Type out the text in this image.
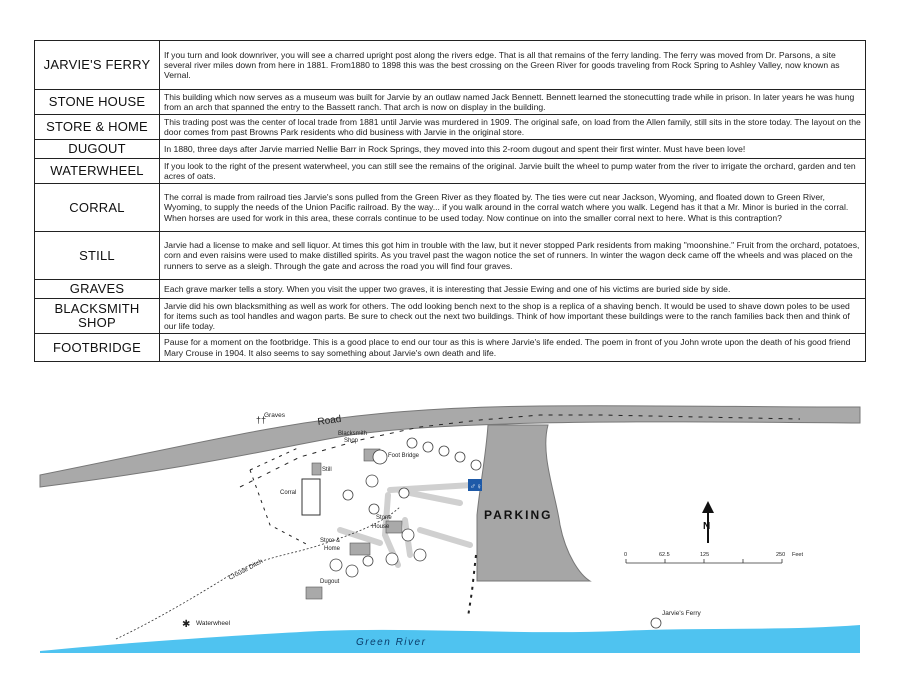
JARVIE'S FERRY	If you turn and look downriver, you will see a charred upright post along the rivers edge. That is all that remains of the ferry landing. The ferry was moved from Dr. Parsons, a site several river miles down from here in 1881. From1880 to 1898 this was the best crossing on the Green River for goods traveling from Rock Spring to Ashley Valley, now known as Vernal.
STONE HOUSE	This building which now serves as a museum was built for Jarvie by an outlaw named Jack Bennett. Bennett learned the stonecutting trade while in prison. In later years he was hung from an arch that spanned the entry to the Bassett ranch. That arch is now on display in the building.
STORE & HOME	This trading post was the center of local trade from 1881 until Jarvie was murdered in 1909. The original safe, on load from the Allen family, still sits in the store today. The layout on the door comes from past Browns Park residents who did business with Jarvie in the original store.
DUGOUT	In 1880, three days after Jarvie married Nellie Barr in Rock Springs, they moved into this 2-room dugout and spent their first winter. Must have been love!
WATERWHEEL	If you look to the right of the present waterwheel, you can still see the remains of the original. Jarvie built the wheel to pump water from the river to irrigate the orchard, garden and ten acres of oats.
CORRAL	The corral is made from railroad ties Jarvie's sons pulled from the Green River as they floated by. The ties were cut near Jackson, Wyoming, and floated down to Green River, Wyoming, to supply the needs of the Union Pacific railroad. By the way... if you walk around in the corral watch where you walk. Legend has it that a Mr. Minor is buried in the corral. When horses are used for work in this area, these corrals continue to be used today. Now continue on into the smaller corral next to here. What is this contraption?
STILL	Jarvie had a license to make and sell liquor. At times this got him in trouble with the law, but it never stopped Park residents from making "moonshine." Fruit from the orchard, potatoes, corn and even raisins were used to make distilled spirits. As you travel past the wagon notice the set of runners. In winter the wagon deck came off the wheels and was placed on the runners to serve as a sleigh. Through the gate and across the road you will find four graves.
GRAVES	Each grave marker tells a story. When you visit the upper two graves, it is interesting that Jessie Ewing and one of his victims are buried side by side.
BLACKSMITH SHOP	Jarvie did his own blacksmithing as well as work for others. The odd looking bench next to the shop is a replica of a shaving bench. It would be used to shave down poles to be used for items such as tool handles and wagon parts. Be sure to check out the next two buildings. Think of how important these buildings were to the ranch families back then and think of our life today.
FOOTBRIDGE	Pause for a moment on the footbridge. This is a good place to end our tour as this is where Jarvie's life ended. The poem in front of you John wrote upon the death of his good friend Mary Crouse in 1904. It also seems to say something about Jarvie's own death and life.
PARKING
Green River
Crouse Ditch
††
Graves	Road
Blacksmith
Shop
Foot Bridge
Still
Corral
Stone
House
Store &
Home
Dugout
♂♀
✱ Waterwheel
Jarvie's Ferry
N
0	62.5	125	250 Feet
